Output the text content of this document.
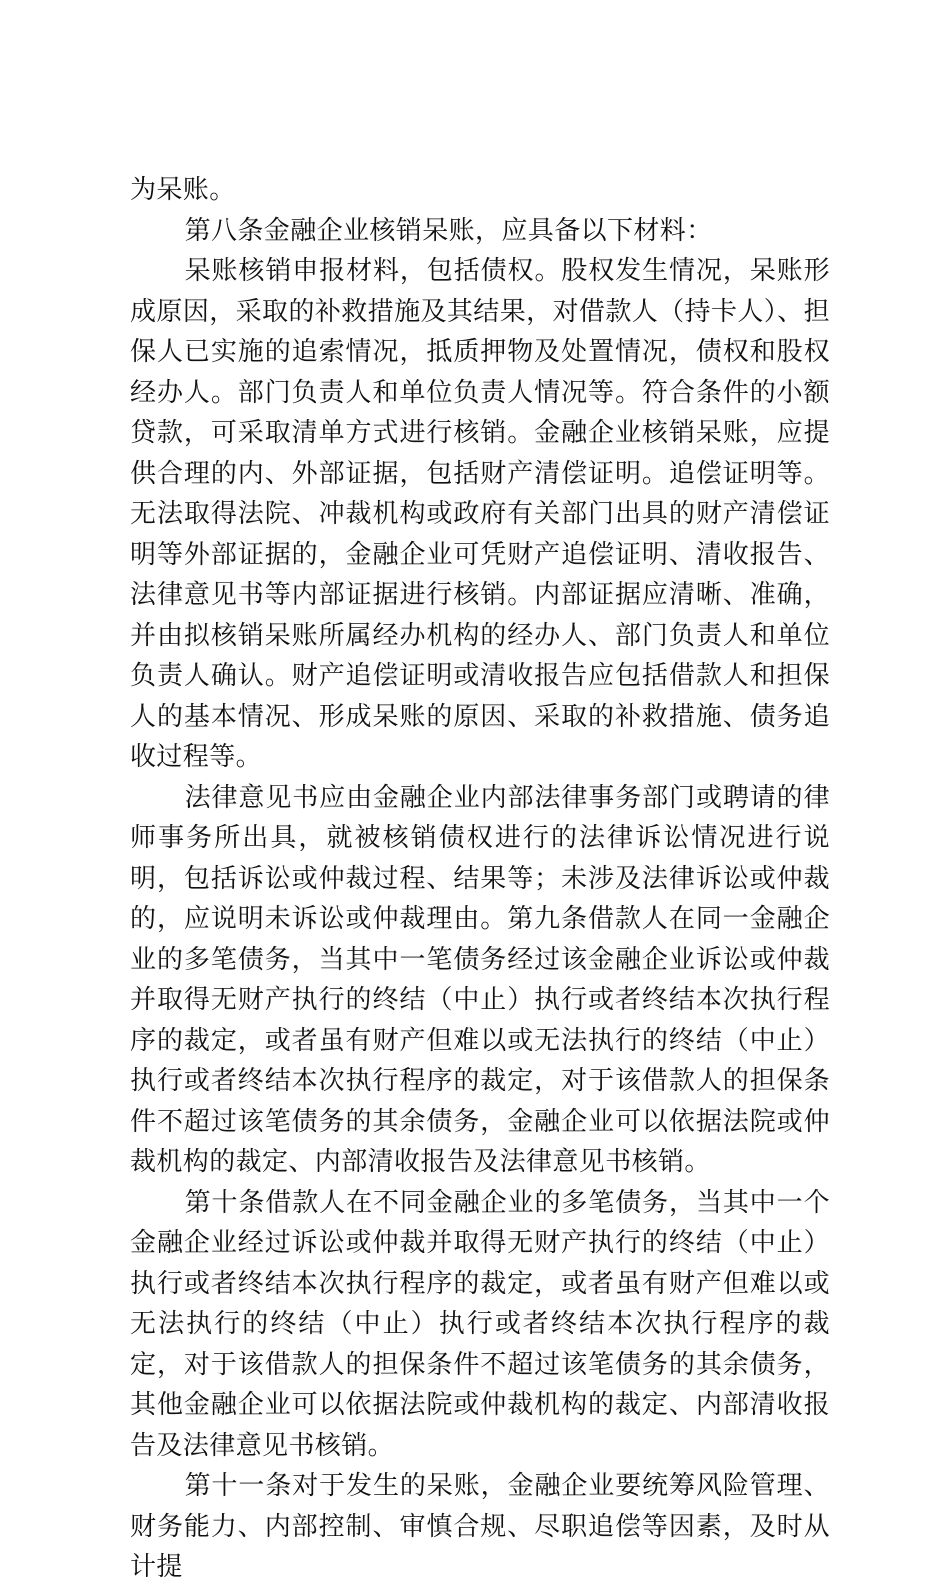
为呆账。

第八条金融企业核销呆账，应具备以下材料：

呆账核销申报材料，包括债权。股权发生情况，呆账形成原因，采取的补救措施及其结果，对借款人（持卡人）、担保人已实施的追索情况，抵质押物及处置情况，债权和股权经办人。部门负责人和单位负责人情况等。符合条件的小额贷款，可采取清单方式进行核销。金融企业核销呆账，应提供合理的内、外部证据，包括财产清偿证明。追偿证明等。无法取得法院、冲裁机构或政府有关部门出具的财产清偿证明等外部证据的，金融企业可凭财产追偿证明、清收报告、法律意见书等内部证据进行核销。内部证据应清晰、准确，并由拟核销呆账所属经办机构的经办人、部门负责人和单位负责人确认。财产追偿证明或清收报告应包括借款人和担保人的基本情况、形成呆账的原因、采取的补救措施、债务追收过程等。

法律意见书应由金融企业内部法律事务部门或聘请的律师事务所出具，就被核销债权进行的法律诉讼情况进行说明，包括诉讼或仲裁过程、结果等；未涉及法律诉讼或仲裁的，应说明未诉讼或仲裁理由。第九条借款人在同一金融企业的多笔债务，当其中一笔债务经过该金融企业诉讼或仲裁并取得无财产执行的终结（中止）执行或者终结本次执行程序的裁定，或者虽有财产但难以或无法执行的终结（中止）执行或者终结本次执行程序的裁定，对于该借款人的担保条件不超过该笔债务的其余债务，金融企业可以依据法院或仲裁机构的裁定、内部清收报告及法律意见书核销。

第十条借款人在不同金融企业的多笔债务，当其中一个金融企业经过诉讼或仲裁并取得无财产执行的终结（中止）执行或者终结本次执行程序的裁定，或者虽有财产但难以或无法执行的终结（中止）执行或者终结本次执行程序的裁定，对于该借款人的担保条件不超过该笔债务的其余债务，其他金融企业可以依据法院或仲裁机构的裁定、内部清收报告及法律意见书核销。

第十一条对于发生的呆账，金融企业要统筹风险管理、财务能力、内部控制、审慎合规、尽职追偿等因素，及时从计提
